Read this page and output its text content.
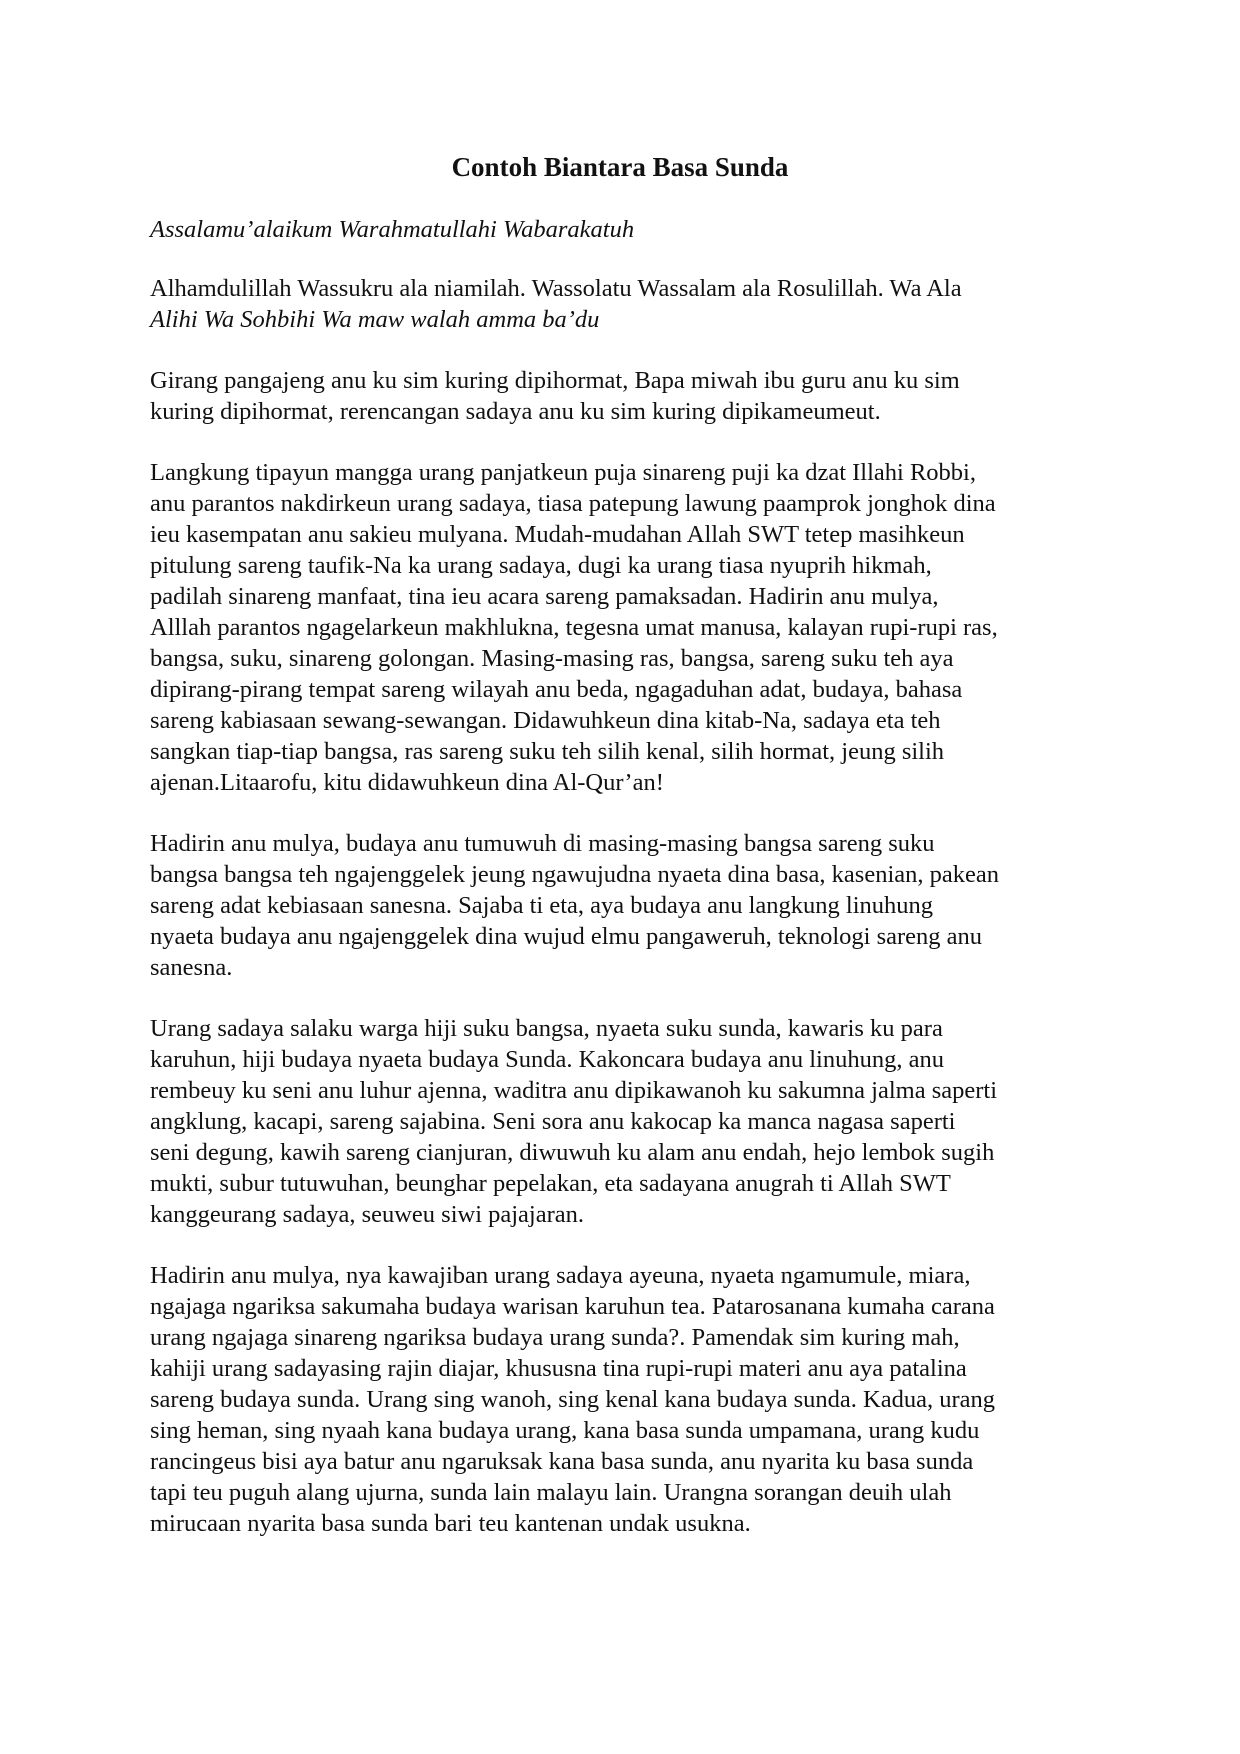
Contoh Biantara Basa Sunda

Assalamu’alaikum Warahmatullahi Wabarakatuh

Alhamdulillah Wassukru ala niamilah. Wassolatu Wassalam ala Rosulillah. Wa Ala
Alihi Wa Sohbihi Wa maw walah amma ba’du

Girang pangajeng anu ku sim kuring dipihormat, Bapa miwah ibu guru anu ku sim
kuring dipihormat, rerencangan sadaya anu ku sim kuring dipikameumeut.

Langkung tipayun mangga urang panjatkeun puja sinareng puji ka dzat Illahi Robbi,
anu parantos nakdirkeun urang sadaya, tiasa patepung lawung paamprok jonghok dina
ieu kasempatan anu sakieu mulyana. Mudah-mudahan Allah SWT tetep masihkeun
pitulung sareng taufik-Na ka urang sadaya, dugi ka urang tiasa nyuprih hikmah,
padilah sinareng manfaat, tina ieu acara sareng pamaksadan. Hadirin anu mulya,
Alllah parantos ngagelarkeun makhlukna, tegesna umat manusa, kalayan rupi-rupi ras,
bangsa, suku, sinareng golongan. Masing-masing ras, bangsa, sareng suku teh aya
dipirang-pirang tempat sareng wilayah anu beda, ngagaduhan adat, budaya, bahasa
sareng kabiasaan sewang-sewangan. Didawuhkeun dina kitab-Na, sadaya eta teh
sangkan tiap-tiap bangsa, ras sareng suku teh silih kenal, silih hormat, jeung silih
ajenan.Litaarofu, kitu didawuhkeun dina Al-Qur’an!

Hadirin anu mulya, budaya anu tumuwuh di masing-masing bangsa sareng suku
bangsa bangsa teh ngajenggelek jeung ngawujudna nyaeta dina basa, kasenian, pakean
sareng adat kebiasaan sanesna. Sajaba ti eta, aya budaya anu langkung linuhung
nyaeta budaya anu ngajenggelek dina wujud elmu pangaweruh, teknologi sareng anu
sanesna.

Urang sadaya salaku warga hiji suku bangsa, nyaeta suku sunda, kawaris ku para
karuhun, hiji budaya nyaeta budaya Sunda. Kakoncara budaya anu linuhung, anu
rembeuy ku seni anu luhur ajenna, waditra anu dipikawanoh ku sakumna jalma saperti
angklung, kacapi, sareng sajabina. Seni sora anu kakocap ka manca nagasa saperti
seni degung, kawih sareng cianjuran, diwuwuh ku alam anu endah, hejo lembok sugih
mukti, subur tutuwuhan, beunghar pepelakan, eta sadayana anugrah ti Allah SWT
kanggeurang sadaya, seuweu siwi pajajaran.

Hadirin anu mulya, nya kawajiban urang sadaya ayeuna, nyaeta ngamumule, miara,
ngajaga ngariksa sakumaha budaya warisan karuhun tea. Patarosanana kumaha carana
urang ngajaga sinareng ngariksa budaya urang sunda?. Pamendak sim kuring mah,
kahiji urang sadayasing rajin diajar, khususna tina rupi-rupi materi anu aya patalina
sareng budaya sunda. Urang sing wanoh, sing kenal kana budaya sunda. Kadua, urang
sing heman, sing nyaah kana budaya urang, kana basa sunda umpamana, urang kudu
rancingeus bisi aya batur anu ngaruksak kana basa sunda, anu nyarita ku basa sunda
tapi teu puguh alang ujurna, sunda lain malayu lain. Urangna sorangan deuih ulah
mirucaan nyarita basa sunda bari teu kantenan undak usukna.
